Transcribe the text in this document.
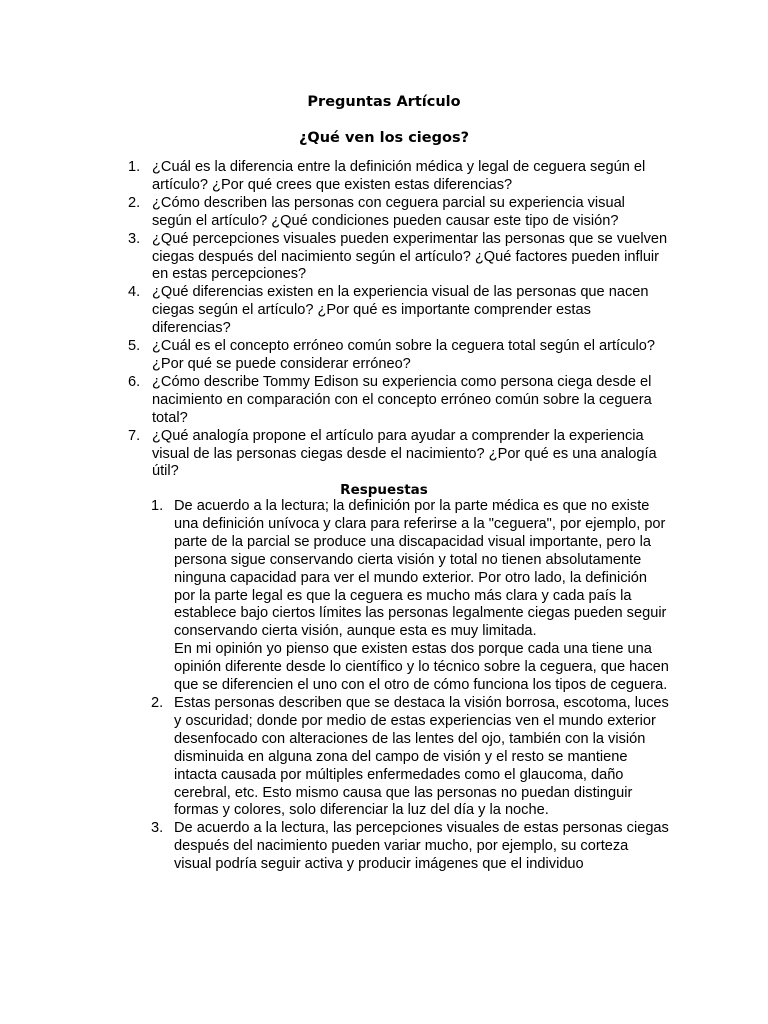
Preguntas Artículo
¿Qué ven los ciegos?
1. ¿Cuál es la diferencia entre la definición médica y legal de ceguera según el artículo? ¿Por qué crees que existen estas diferencias?
2. ¿Cómo describen las personas con ceguera parcial su experiencia visual según el artículo? ¿Qué condiciones pueden causar este tipo de visión?
3. ¿Qué percepciones visuales pueden experimentar las personas que se vuelven ciegas después del nacimiento según el artículo? ¿Qué factores pueden influir en estas percepciones?
4. ¿Qué diferencias existen en la experiencia visual de las personas que nacen ciegas según el artículo? ¿Por qué es importante comprender estas diferencias?
5. ¿Cuál es el concepto erróneo común sobre la ceguera total según el artículo? ¿Por qué se puede considerar erróneo?
6. ¿Cómo describe Tommy Edison su experiencia como persona ciega desde el nacimiento en comparación con el concepto erróneo común sobre la ceguera total?
7. ¿Qué analogía propone el artículo para ayudar a comprender la experiencia visual de las personas ciegas desde el nacimiento? ¿Por qué es una analogía útil?
Respuestas
1. De acuerdo a la lectura; la definición por la parte médica es que no existe una definición unívoca y clara para referirse a la "ceguera", por ejemplo, por parte de la parcial se produce una discapacidad visual importante, pero la persona sigue conservando cierta visión y total no tienen absolutamente ninguna capacidad para ver el mundo exterior. Por otro lado, la definición por la parte legal es que la ceguera es mucho más clara y cada país la establece bajo ciertos límites las personas legalmente ciegas pueden seguir conservando cierta visión, aunque esta es muy limitada.

En mi opinión yo pienso que existen estas dos porque cada una tiene una opinión diferente desde lo científico y lo técnico sobre la ceguera, que hacen que se diferencien el uno con el otro de cómo funciona los tipos de ceguera.

2. Estas personas describen que se destaca la visión borrosa, escotoma, luces y oscuridad; donde por medio de estas experiencias ven el mundo exterior desenfocado con alteraciones de las lentes del ojo, también con la visión disminuida en alguna zona del campo de visión y el resto se mantiene intacta causada por múltiples enfermedades como el glaucoma, daño cerebral, etc. Esto mismo causa que las personas no puedan distinguir formas y colores, solo diferenciar la luz del día y la noche.

3. De acuerdo a la lectura, las percepciones visuales de estas personas ciegas después del nacimiento pueden variar mucho, por ejemplo, su corteza visual podría seguir activa y producir imágenes que el individuo
